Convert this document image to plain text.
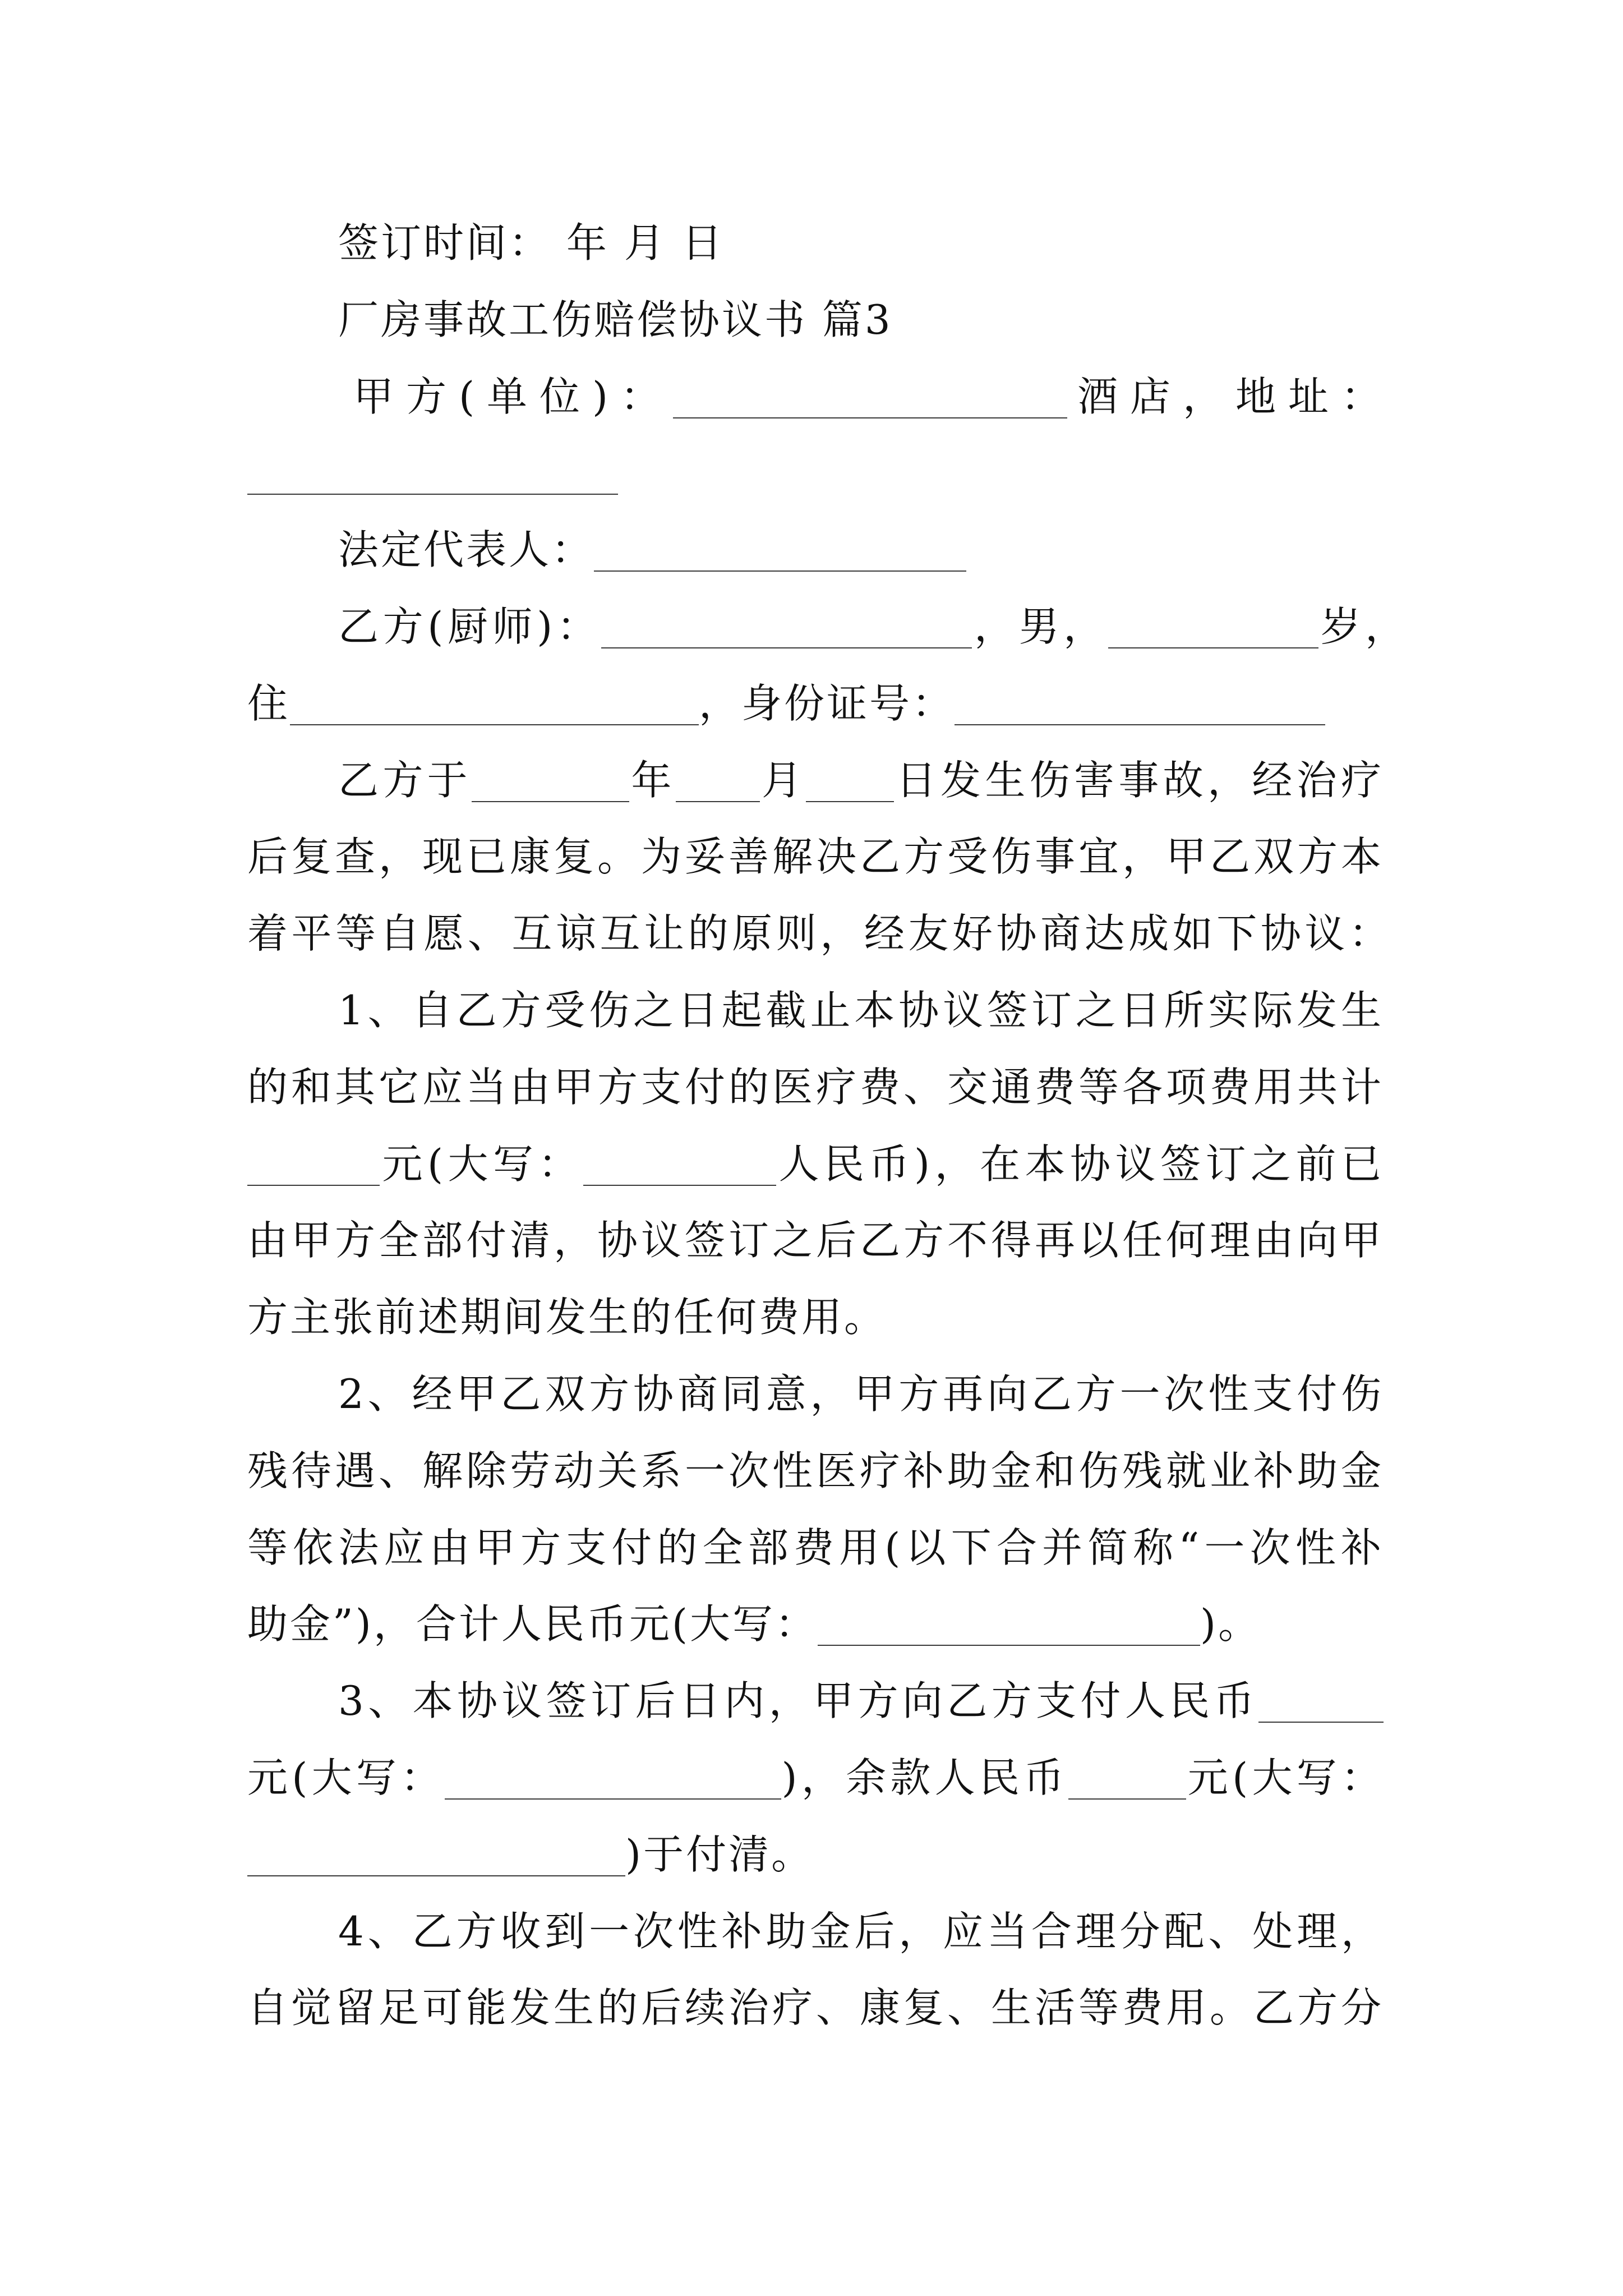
签订时间： 年 月 日
厂房事故工伤赔偿协议书 篇3
甲方(单位)：	酒店，地址：
法定代表人：
乙方(厨师)：	，男，	岁，
住	，身份证号：
乙方于	年 月 日发生伤害事故，经治疗
后复查，现已康复。为妥善解决乙方受伤事宜，甲乙双方本
着平等自愿、互谅互让的原则，经友好协商达成如下协议：
1、自乙方受伤之日起截止本协议签订之日所实际发生
的和其它应当由甲方支付的医疗费、交通费等各项费用共计
元(大写：	人民币)，在本协议签订之前已
由甲方全部付清，协议签订之后乙方不得再以任何理由向甲
方主张前述期间发生的任何费用。
2、经甲乙双方协商同意，甲方再向乙方一次性支付伤
残待遇、解除劳动关系一次性医疗补助金和伤残就业补助金
等依法应由甲方支付的全部费用(以下合并简称“一次性补
助金”)，合计人民币元(大写：	)。
3、本协议签订后日内，甲方向乙方支付人民币
元(大写：	)，余款人民币	元(大写：
)于付清。
4、乙方收到一次性补助金后，应当合理分配、处理，
自觉留足可能发生的后续治疗、康复、生活等费用。乙方分
